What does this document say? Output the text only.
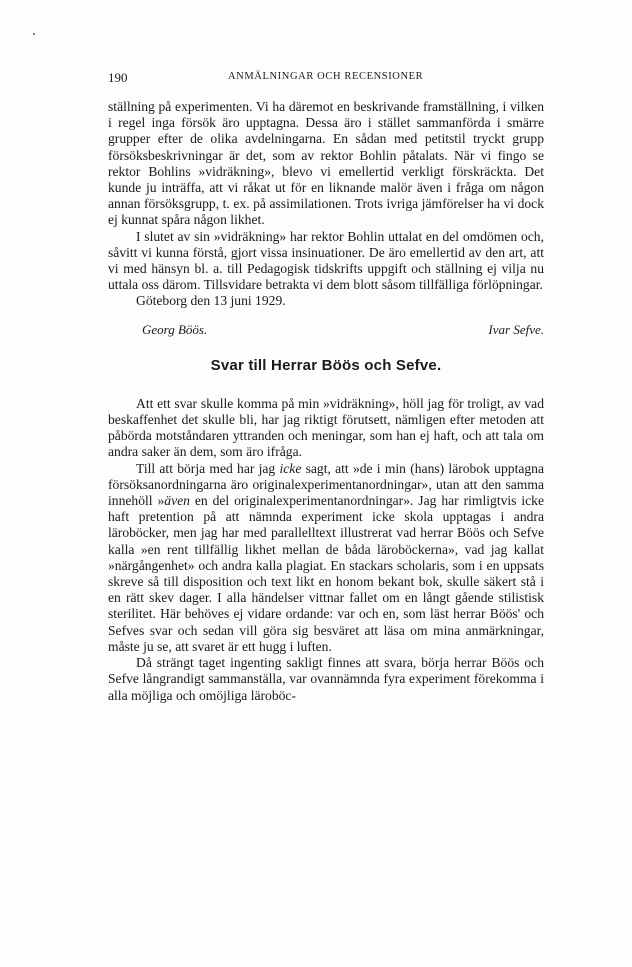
190	ANMÄLNINGAR OCH RECENSIONER

ställning på experimenten. Vi ha däremot en beskrivande framställning, i vilken i regel inga försök äro upptagna. Dessa äro i stället sammanförda i smärre grupper efter de olika avdelningarna. En sådan med petitstil tryckt grupp försöksbeskrivningar är det, som av rektor Bohlin påtalats. När vi fingo se rektor Bohlins »vidräkning», blevo vi emellertid verkligt förskräckta. Det kunde ju inträffa, att vi råkat ut för en liknande malör även i fråga om någon annan försöksgrupp, t. ex. på assimilationen. Trots ivriga jämförelser ha vi dock ej kunnat spåra någon likhet.

I slutet av sin »vidräkning» har rektor Bohlin uttalat en del omdömen och, såvitt vi kunna förstå, gjort vissa insinuationer. De äro emellertid av den art, att vi med hänsyn bl. a. till Pedagogisk tidskrifts uppgift och ställning ej vilja nu uttala oss därom. Tillsvidare betrakta vi dem blott såsom tillfälliga förlöpningar.

Göteborg den 13 juni 1929.

Georg Böös.	Ivar Sefve.
Svar till Herrar Böös och Sefve.

Att ett svar skulle komma på min »vidräkning», höll jag för troligt, av vad beskaffenhet det skulle bli, har jag riktigt förutsett, nämligen efter metoden att påbörda motståndaren yttranden och meningar, som han ej haft, och att tala om andra saker än dem, som äro ifråga.

Till att börja med har jag icke sagt, att »de i min (hans) lärobok upptagna försöksanordningarna äro originalexperimentanordningar», utan att den samma innehöll »även en del originalexperimentanordningar». Jag har rimligtvis icke haft pretention på att nämnda experiment icke skola upptagas i andra läroböcker, men jag har med parallelltext illustrerat vad herrar Böös och Sefve kalla »en rent tillfällig likhet mellan de båda läroböckerna», vad jag kallat »närgångenhet» och andra kalla plagiat. En stackars scholaris, som i en uppsats skreve så till disposition och text likt en honom bekant bok, skulle säkert stå i en rätt skev dager. I alla händelser vittnar fallet om en långt gående stilistisk sterilitet. Här behöves ej vidare ordande: var och en, som läst herrar Böös' och Sefves svar och sedan vill göra sig besväret att läsa om mina anmärkningar, måste ju se, att svaret är ett hugg i luften.

Då strängt taget ingenting sakligt finnes att svara, börja herrar Böös och Sefve långrandigt sammanställa, var ovannämnda fyra experiment förekomma i alla möjliga och omöjliga läroböc-
